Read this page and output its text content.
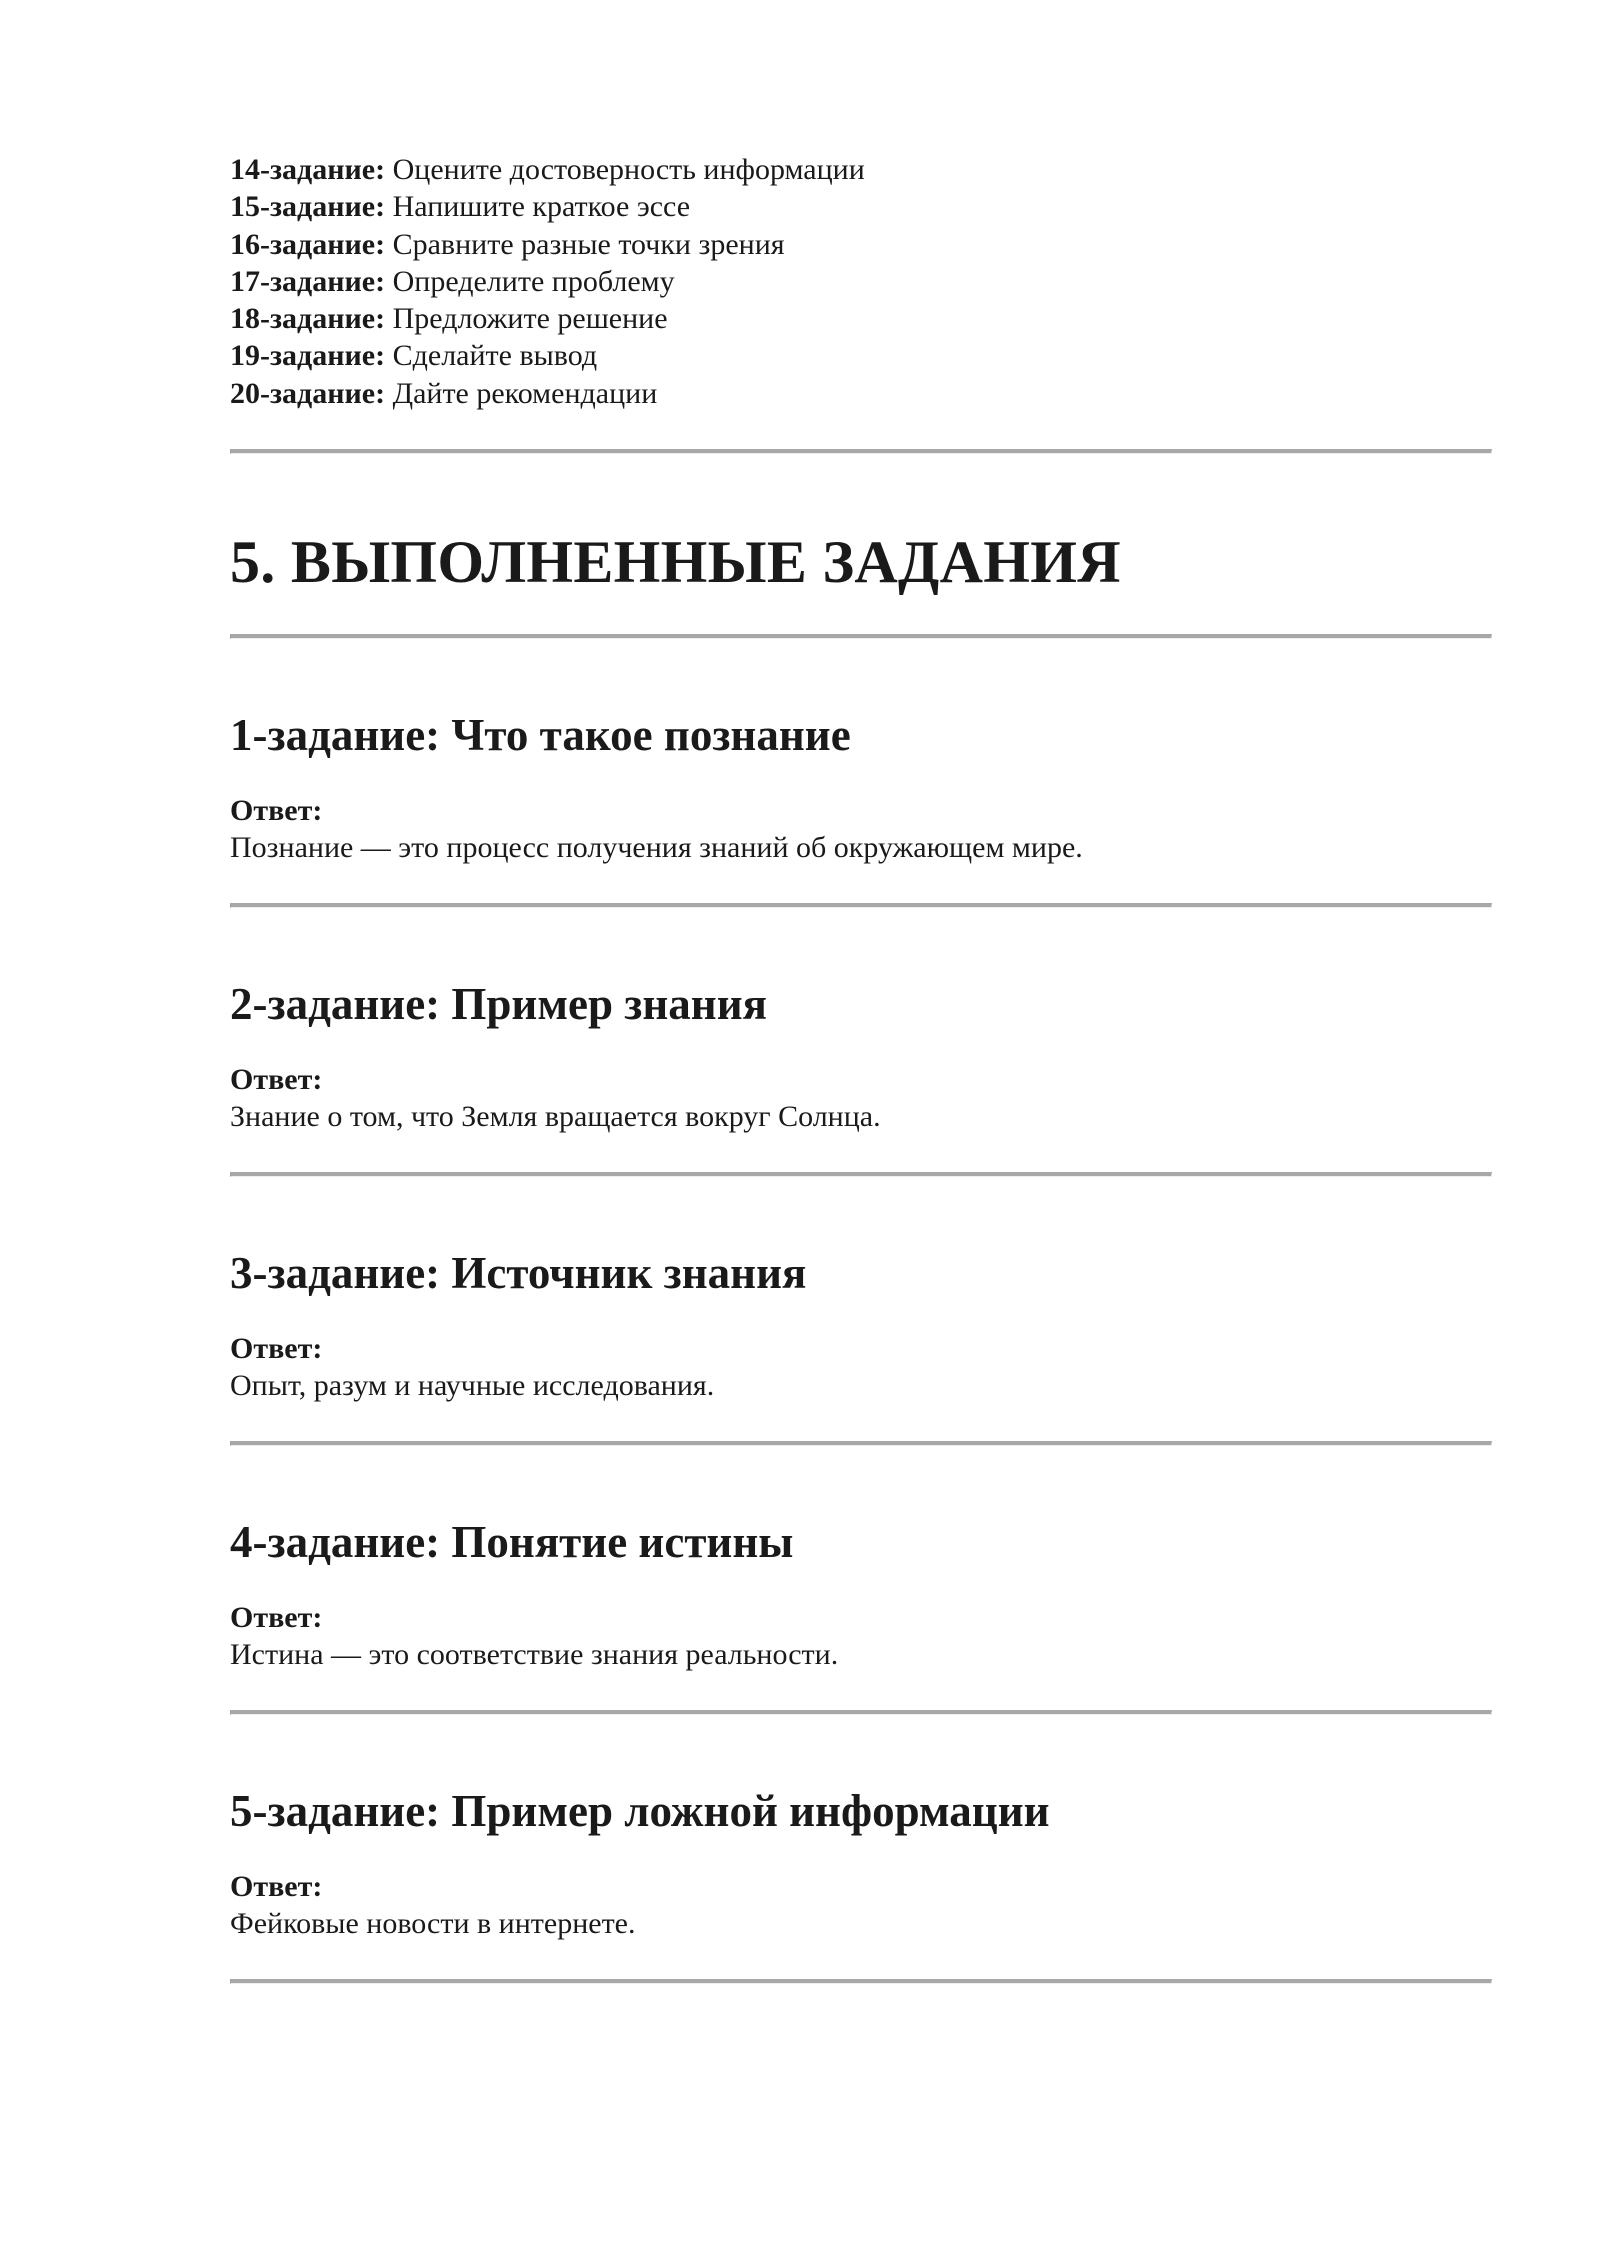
14-задание: Оцените достоверность информации
15-задание: Напишите краткое эссе
16-задание: Сравните разные точки зрения
17-задание: Определите проблему
18-задание: Предложите решение
19-задание: Сделайте вывод
20-задание: Дайте рекомендации
5. ВЫПОЛНЕННЫЕ ЗАДАНИЯ
1-задание: Что такое познание

Ответ:

Познание — это процесс получения знаний об окружающем мире.

2-задание: Пример знания

Ответ:

Знание о том, что Земля вращается вокруг Солнца.

3-задание: Источник знания

Ответ:

Опыт, разум и научные исследования.

4-задание: Понятие истины

Ответ:

Истина — это соответствие знания реальности.

5-задание: Пример ложной информации

Ответ:

Фейковые новости в интернете.
